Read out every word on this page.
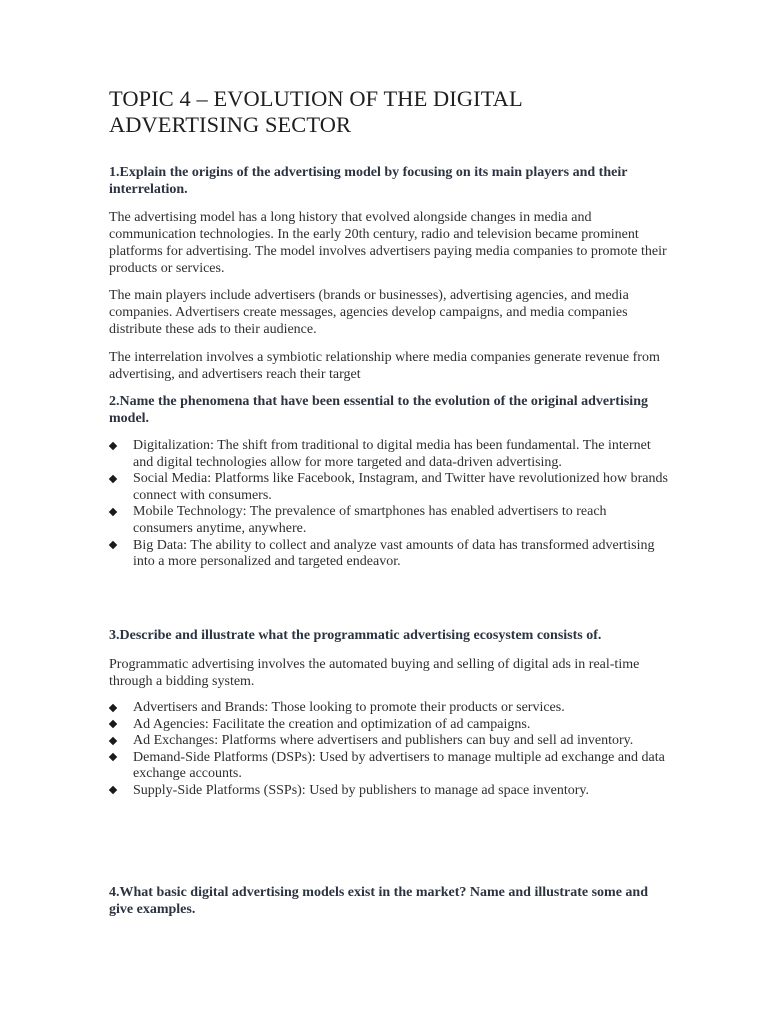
TOPIC 4 – EVOLUTION OF THE DIGITAL
ADVERTISING SECTOR

1.Explain the origins of the advertising model by focusing on its main players and their interrelation.

The advertising model has a long history that evolved alongside changes in media and communication technologies. In the early 20th century, radio and television became prominent platforms for advertising. The model involves advertisers paying media companies to promote their products or services.

The main players include advertisers (brands or businesses), advertising agencies, and media companies. Advertisers create messages, agencies develop campaigns, and media companies distribute these ads to their audience.

The interrelation involves a symbiotic relationship where media companies generate revenue from advertising, and advertisers reach their target

2.Name the phenomena that have been essential to the evolution of the original advertising model.

Digitalization: The shift from traditional to digital media has been fundamental. The internet and digital technologies allow for more targeted and data-driven advertising.
Social Media: Platforms like Facebook, Instagram, and Twitter have revolutionized how brands connect with consumers.
Mobile Technology: The prevalence of smartphones has enabled advertisers to reach consumers anytime, anywhere.
Big Data: The ability to collect and analyze vast amounts of data has transformed advertising into a more personalized and targeted endeavor.

3.Describe and illustrate what the programmatic advertising ecosystem consists of.

Programmatic advertising involves the automated buying and selling of digital ads in real-time through a bidding system.

Advertisers and Brands: Those looking to promote their products or services.
Ad Agencies: Facilitate the creation and optimization of ad campaigns.
Ad Exchanges: Platforms where advertisers and publishers can buy and sell ad inventory.
Demand-Side Platforms (DSPs): Used by advertisers to manage multiple ad exchange and data exchange accounts.
Supply-Side Platforms (SSPs): Used by publishers to manage ad space inventory.

4.What basic digital advertising models exist in the market? Name and illustrate some and give examples.
